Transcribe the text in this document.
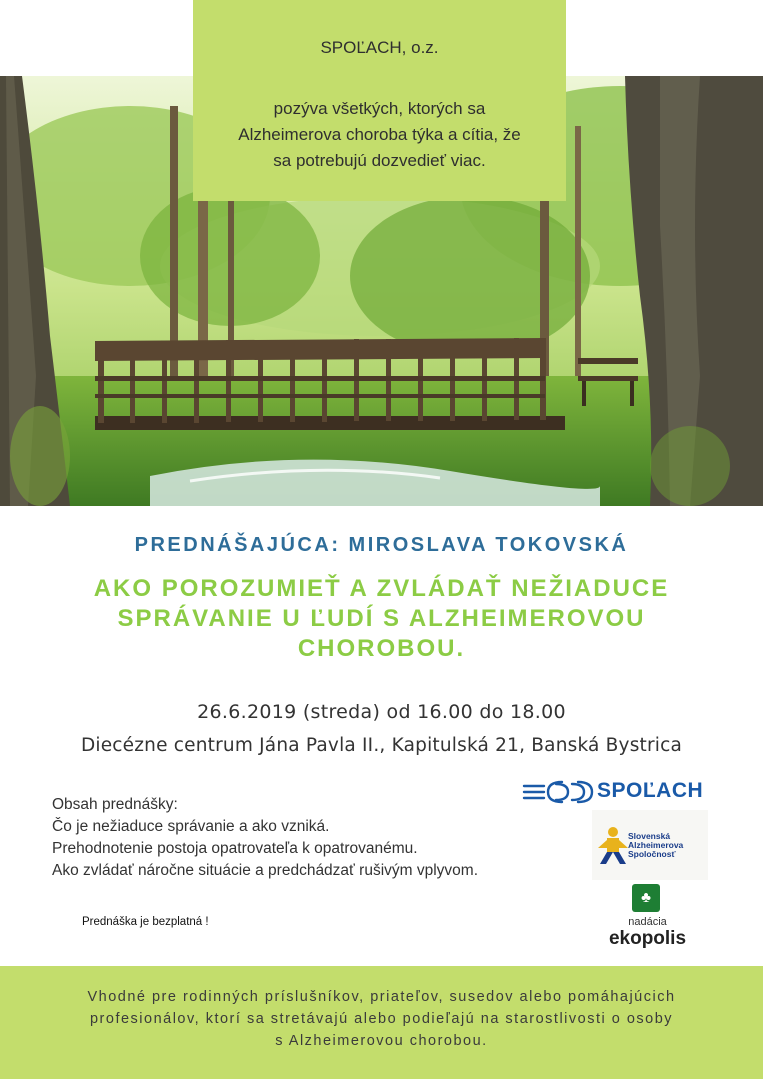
SPOĽACH, o.z.
pozýva všetkých, ktorých sa
Alzheimerova choroba týka a cítia, že
sa potrebujú dozvedieť viac.
PREDNÁŠAJÚCA: MIROSLAVA TOKOVSKÁ
AKO POROZUMIEŤ A ZVLÁDAŤ NEŽIADUCE
SPRÁVANIE U ĽUDÍ S ALZHEIMEROVOU
CHOROBOU.
26.6.2019 (streda) od 16.00 do 18.00
Diecézne centrum Jána Pavla II., Kapitulská 21, Banská Bystrica
Obsah prednášky:
Čo je nežiaduce správanie a ako vzniká.
Prehodnotenie postoja opatrovateľa k opatrovanému.
Ako zvládať náročne situácie a predchádzať rušivým vplyvom.
Prednáška je bezplatná !
SPOĽACH
Slovenská
Alzheimerova
Spoločnosť
♣
nadácia
ekopolis
Vhodné pre rodinných príslušníkov, priateľov, susedov alebo pomáhajúcich
profesionálov, ktorí sa stretávajú alebo podieľajú na starostlivosti o osoby
s Alzheimerovou chorobou.
